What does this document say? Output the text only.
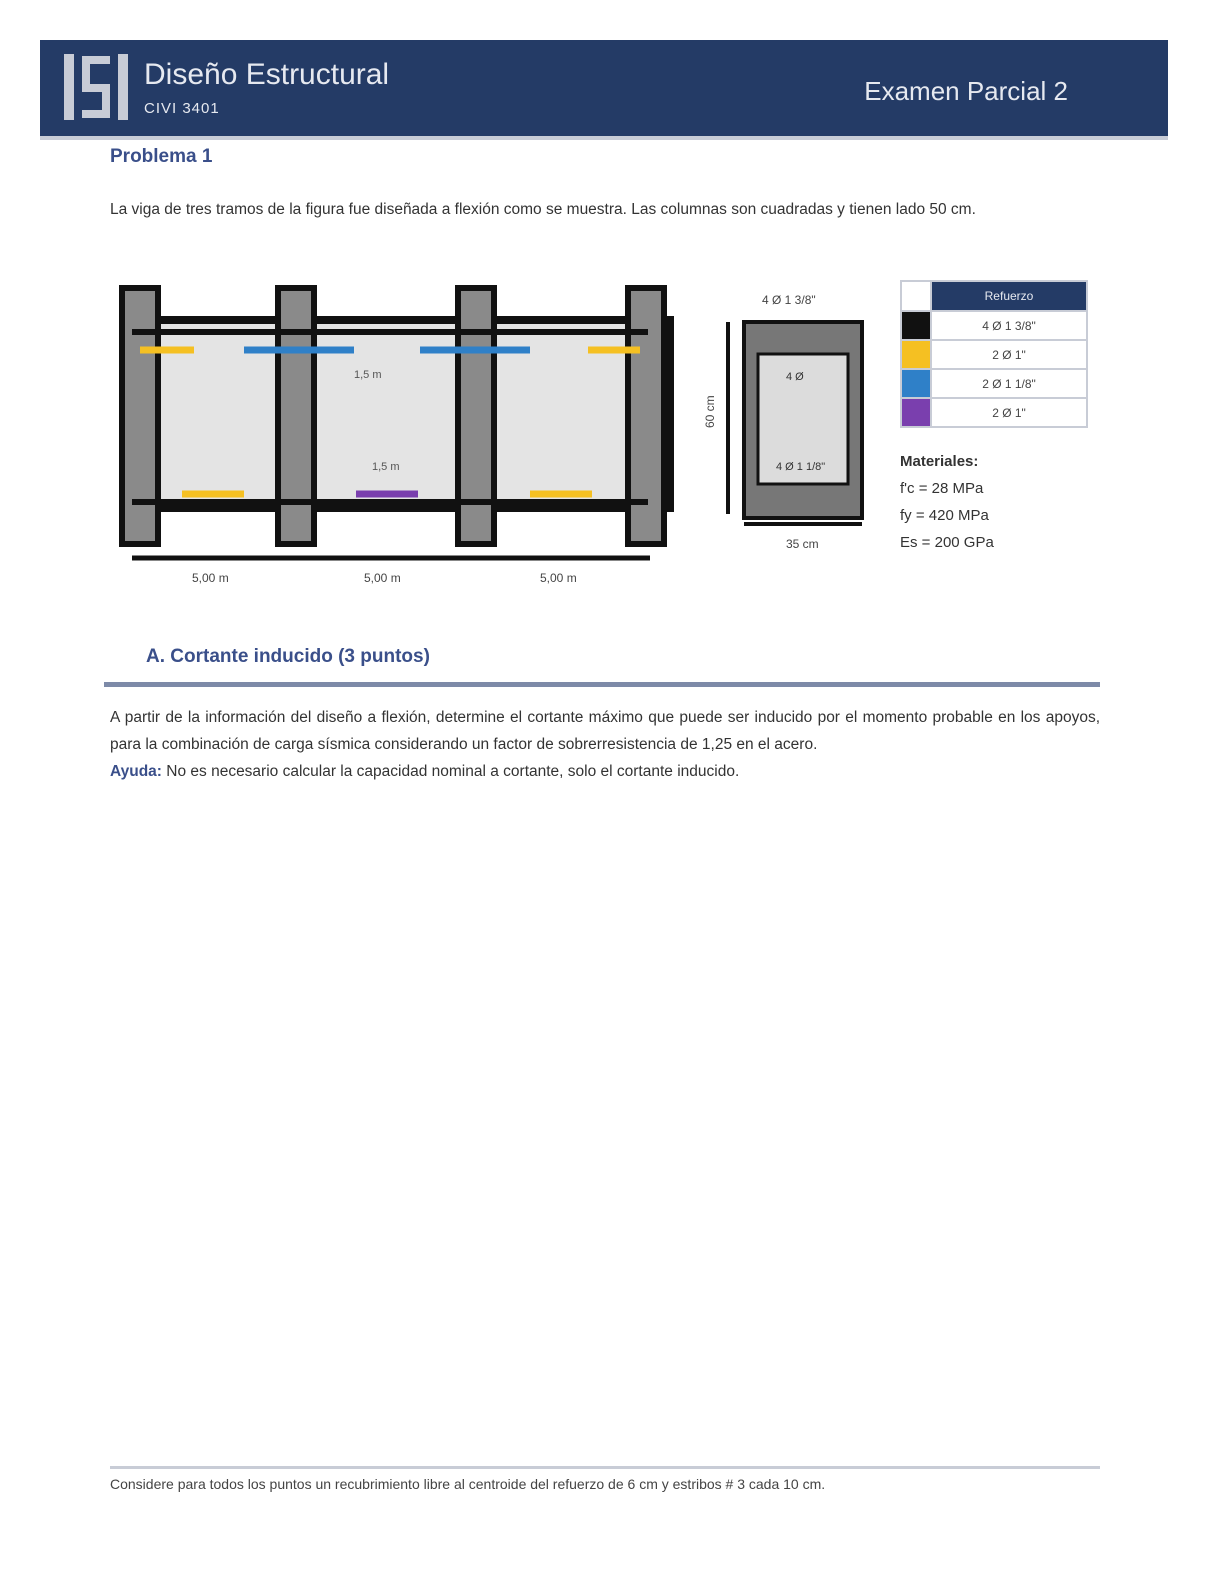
Diseño Estructural
CIVI 3401
Examen Parcial 2
Problema 1
La viga de tres tramos de la figura fue diseñada a flexión como se muestra. Las columnas son cuadradas y tienen lado 50 cm.
1,5 m
1,5 m
5,00 m	5,00 m	5,00 m
4 Ø 1 3/8"
60 cm
4 Ø
4 Ø 1 1/8"
35 cm
	Refuerzo
	4 Ø 1 3/8"
	2 Ø 1"
	2 Ø 1 1/8"
	2 Ø 1"
Materiales:
f'c = 28 MPa
fy = 420 MPa
Es = 200 GPa
A. Cortante inducido (3 puntos)
A partir de la información del diseño a flexión, determine el cortante máximo que puede ser inducido por el momento probable en los apoyos, para la combinación de carga sísmica considerando un factor de sobrerresistencia de 1,25 en el acero.
Ayuda: No es necesario calcular la capacidad nominal a cortante, solo el cortante inducido.
Considere para todos los puntos un recubrimiento libre al centroide del refuerzo de 6 cm y estribos # 3 cada 10 cm.
